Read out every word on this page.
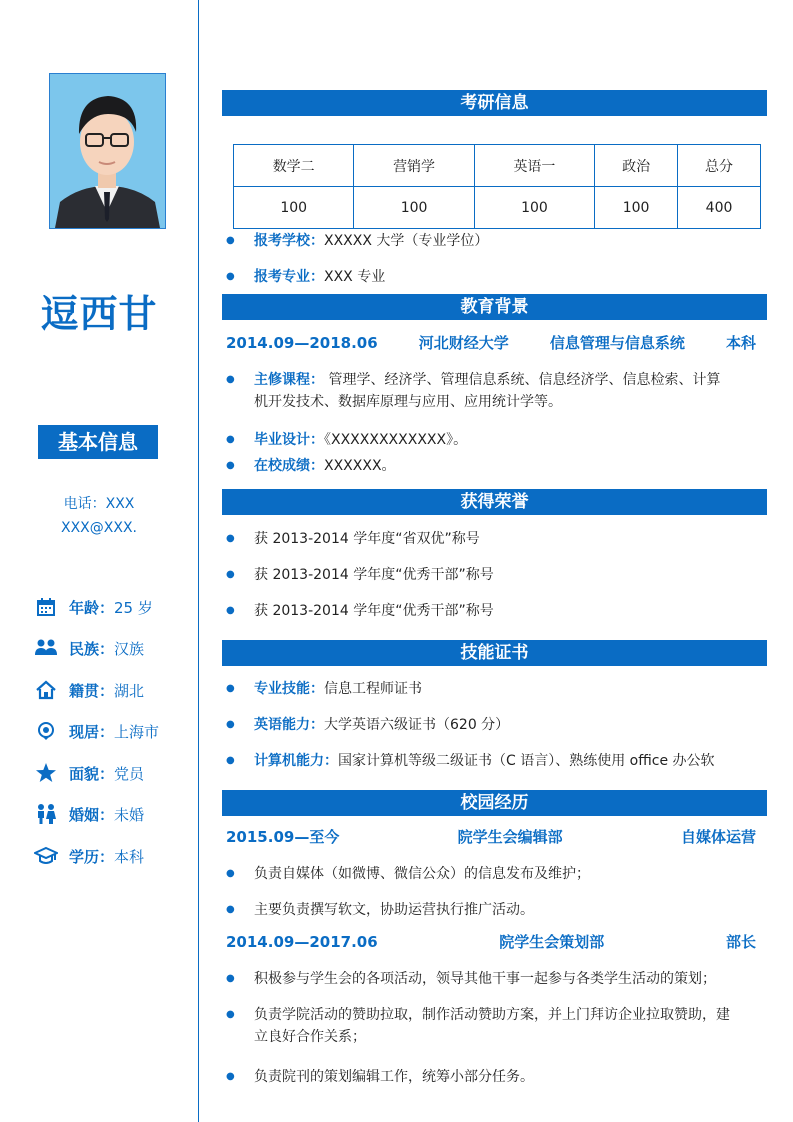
逗西甘
基本信息
电话：XXX
XXX@XXX.
年龄： 25 岁
民族： 汉族
籍贯： 湖北
现居： 上海市
面貌： 党员
婚姻： 未婚
学历： 本科
考研信息
数学二	营销学	英语一	政治	总分
100	100	100	100	400
●	报考学校：XXXXX 大学（专业学位）
●	报考专业：XXX 专业
教育背景
2014.09—2018.06	河北财经大学	信息管理与信息系统	本科
●	主修课程： 管理学、经济学、管理信息系统、信息经济学、信息检索、计算
机开发技术、数据库原理与应用、应用统计学等。
●	毕业设计：《XXXXXXXXXXXX》。
●	在校成绩：XXXXXX。
获得荣誉
●	获 2013-2014 学年度“省双优”称号
●	获 2013-2014 学年度“优秀干部”称号
●	获 2013-2014 学年度“优秀干部”称号
技能证书
●	专业技能：信息工程师证书
●	英语能力：大学英语六级证书（620 分）
●	计算机能力：国家计算机等级二级证书（C 语言）、熟练使用 office 办公软
校园经历
2015.09—至今	院学生会编辑部	自媒体运营
●	负责自媒体（如微博、微信公众）的信息发布及维护；
●	主要负责撰写软文，协助运营执行推广活动。
2014.09—2017.06	院学生会策划部	部长
●	积极参与学生会的各项活动，领导其他干事一起参与各类学生活动的策划；
●	负责学院活动的赞助拉取，制作活动赞助方案，并上门拜访企业拉取赞助，建
立良好合作关系；
●	负责院刊的策划编辑工作，统筹小部分任务。
